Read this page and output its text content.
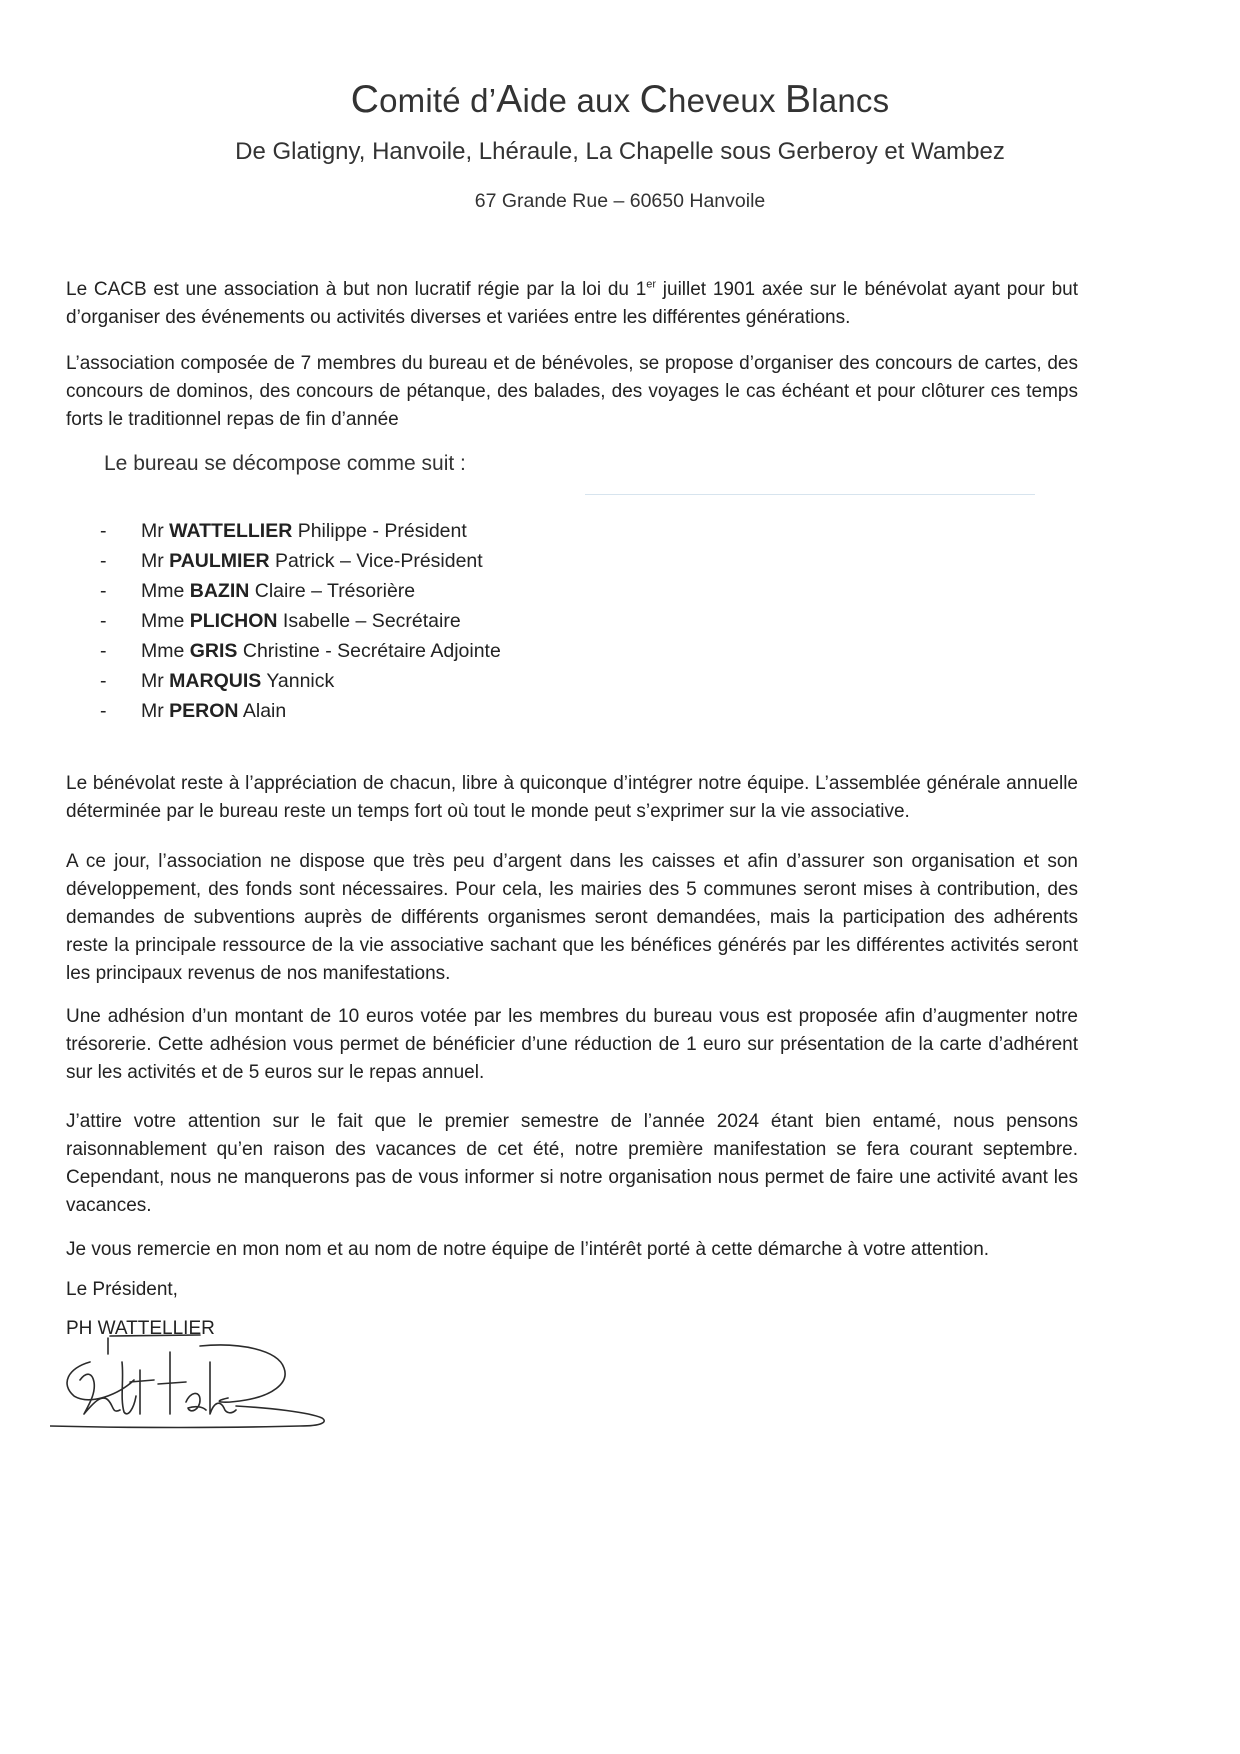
Comité d’Aide aux Cheveux Blancs
De Glatigny, Hanvoile, Lhéraule, La Chapelle sous Gerberoy et Wambez
67 Grande Rue – 60650 Hanvoile

Le CACB est une association à but non lucratif régie par la loi du 1er juillet 1901 axée sur le bénévolat ayant pour but d’organiser des événements ou activités diverses et variées entre les différentes générations.

L’association composée de 7 membres du bureau et de bénévoles, se propose d’organiser des concours de cartes, des concours de dominos, des concours de pétanque, des balades, des voyages le cas échéant et pour clôturer ces temps forts le traditionnel repas de fin d’année

Le bureau se décompose comme suit :
- Mr WATTELLIER Philippe - Président
- Mr PAULMIER Patrick – Vice-Président
- Mme BAZIN Claire – Trésorière
- Mme PLICHON Isabelle – Secrétaire
- Mme GRIS Christine - Secrétaire Adjointe
- Mr MARQUIS Yannick
- Mr PERON Alain

Le bénévolat reste à l’appréciation de chacun, libre à quiconque d’intégrer notre équipe. L’assemblée générale annuelle déterminée par le bureau reste un temps fort où tout le monde peut s’exprimer sur la vie associative.

A ce jour, l’association ne dispose que très peu d’argent dans les caisses et afin d’assurer son organisation et son développement, des fonds sont nécessaires. Pour cela, les mairies des 5 communes seront mises à contribution, des demandes de subventions auprès de différents organismes seront demandées, mais la participation des adhérents reste la principale ressource de la vie associative sachant que les bénéfices générés par les différentes activités seront les principaux revenus de nos manifestations.

Une adhésion d’un montant de 10 euros votée par les membres du bureau vous est proposée afin d’augmenter notre trésorerie. Cette adhésion vous permet de bénéficier d’une réduction de 1 euro sur présentation de la carte d’adhérent sur les activités et de 5 euros sur le repas annuel.

J’attire votre attention sur le fait que le premier semestre de l’année 2024 étant bien entamé, nous pensons raisonnablement qu’en raison des vacances de cet été, notre première manifestation se fera courant septembre. Cependant, nous ne manquerons pas de vous informer si notre organisation nous permet de faire une activité avant les vacances.

Je vous remercie en mon nom et au nom de notre équipe de l’intérêt porté à cette démarche à votre attention.

Le Président,

PH WATTELLIER
